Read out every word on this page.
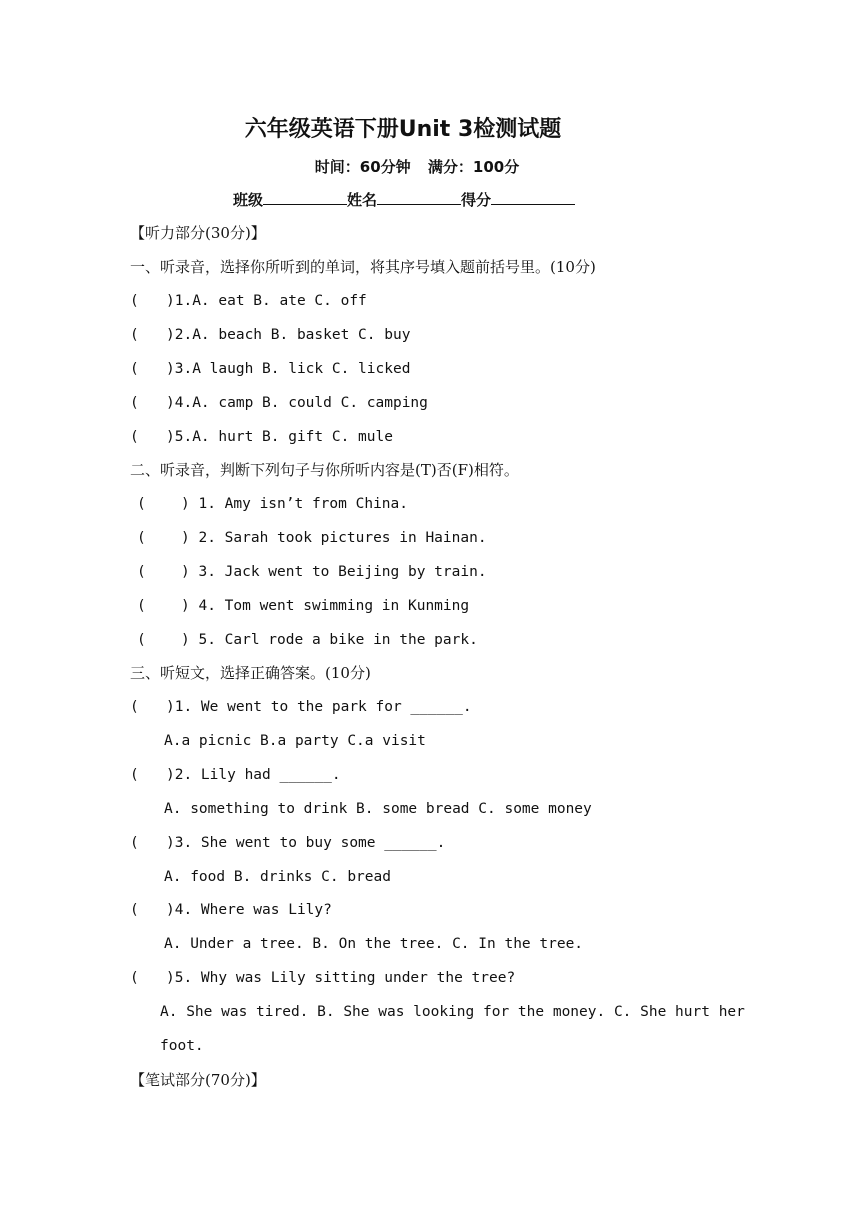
六年级英语下册Unit 3检测试题
时间：60分钟 满分：100分
班级	姓名	得分
【听力部分(30分)】
一、听录音，选择你所听到的单词，将其序号填入题前括号里。(10分)
( )1.A. eat B. ate C. off
( )2.A. beach B. basket C. buy
( )3.A laugh B. lick C. licked
( )4.A. camp B. could C. camping
( )5.A. hurt B. gift C. mule
二、听录音，判断下列句子与你所听内容是(T)否(F)相符。
( ) 1. Amy isn’t from China.
( ) 2. Sarah took pictures in Hainan.
( ) 3. Jack went to Beijing by train.
( ) 4. Tom went swimming in Kunming
( ) 5. Carl rode a bike in the park.
三、听短文，选择正确答案。(10分)
( )1. We went to the park for ______.
A.a picnic B.a party C.a visit
( )2. Lily had ______.
A. something to drink B. some bread C. some money
( )3. She went to buy some ______.
A. food B. drinks C. bread
( )4. Where was Lily?
A. Under a tree. B. On the tree. C. In the tree.
( )5. Why was Lily sitting under the tree?
A. She was tired. B. She was looking for the money. C. She hurt her
foot.
【笔试部分(70分)】
